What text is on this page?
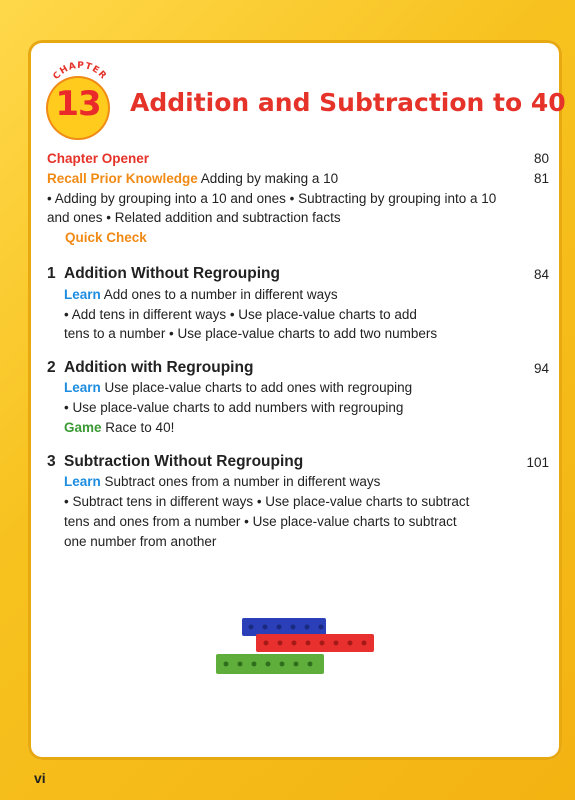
CHAPTER
13 Addition and Subtraction to 40
Chapter Opener	80
Recall Prior Knowledge Adding by making a 10	81
• Adding by grouping into a 10 and ones • Subtracting by grouping into a 10
and ones • Related addition and subtraction facts
Quick Check
1 Addition Without Regrouping	84
Learn Add ones to a number in different ways
• Add tens in different ways • Use place-value charts to add
tens to a number • Use place-value charts to add two numbers
2 Addition with Regrouping	94
Learn Use place-value charts to add ones with regrouping
• Use place-value charts to add numbers with regrouping
Game Race to 40!
3 Subtraction Without Regrouping	101
Learn Subtract ones from a number in different ways
• Subtract tens in different ways • Use place-value charts to subtract
tens and ones from a number • Use place-value charts to subtract
one number from another
vi
